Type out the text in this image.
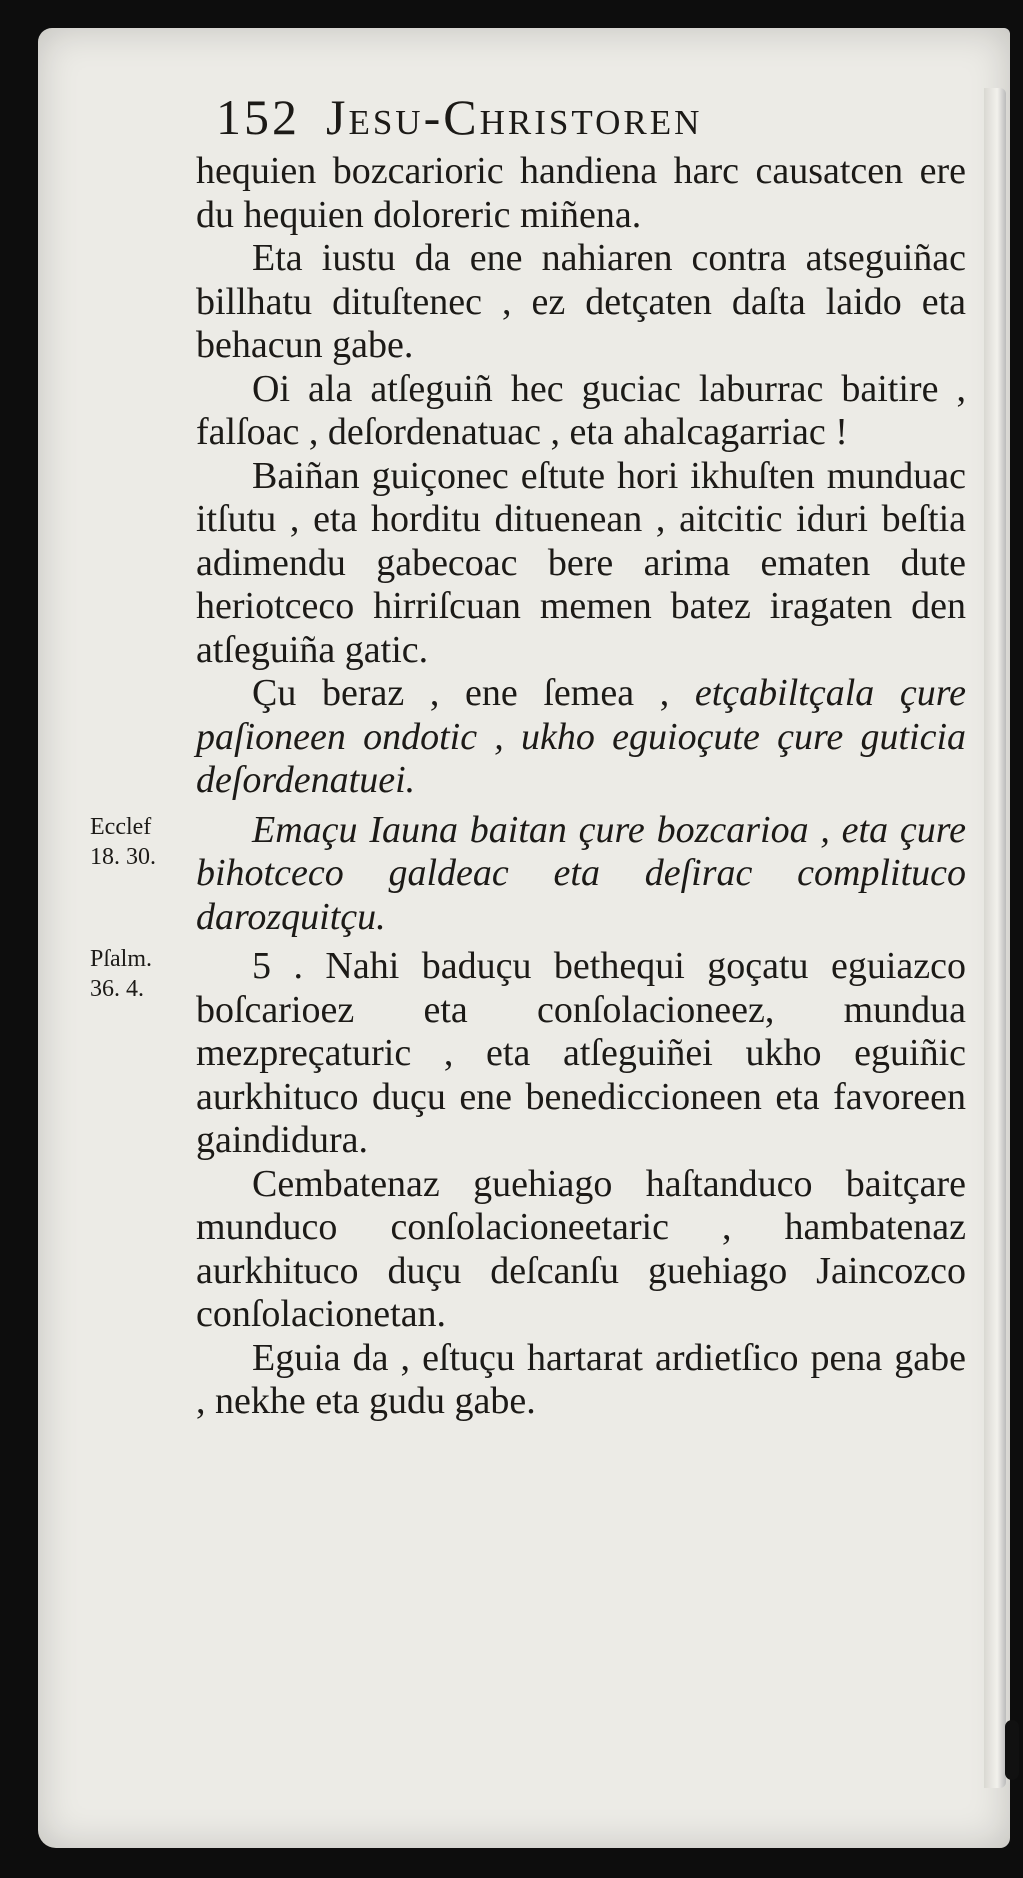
152 Jesu-Christoren

hequien bozcarioric handiena harc causatcen ere du hequien doloreric miñena.

Eta iustu da ene nahiaren contra atseguiñac billhatu dituſtenec , ez detçaten daſta laido eta behacun gabe.

Oi ala atſeguiñ hec guciac laburrac baitire , falſoac , deſordenatuac , eta ahalcagarriac !

Baiñan guiçonec eſtute hori ikhuſten munduac itſutu , eta horditu dituenean , aitcitic iduri beſtia adimendu gabecoac bere arima ematen dute heriotceco hirriſcuan memen batez iragaten den atſeguiña gatic.

Çu beraz , ene ſemea , etçabiltçala çure paſioneen ondotic , ukho eguioçute çure guticia deſordenatuei.

Emaçu Iauna baitan çure bozcarioa , eta çure bihotceco galdeac eta deſirac complituco darozquitçu.

5 . Nahi baduçu bethequi goçatu eguiazco boſcarioez eta conſolacioneez, mundua mezpreçaturic , eta atſeguiñei ukho eguiñic aurkhituco duçu ene benediccioneen eta favoreen gaindidura.

Cembatenaz guehiago haſtanduco baitçare munduco conſolacioneetaric , hambatenaz aurkhituco duçu deſcanſu guehiago Jaincozco conſolacionetan.

Eguia da , eſtuçu hartarat ardietſico pena gabe , nekhe eta gudu gabe.

Ecclef
18. 30.
Pſalm.
36. 4.
